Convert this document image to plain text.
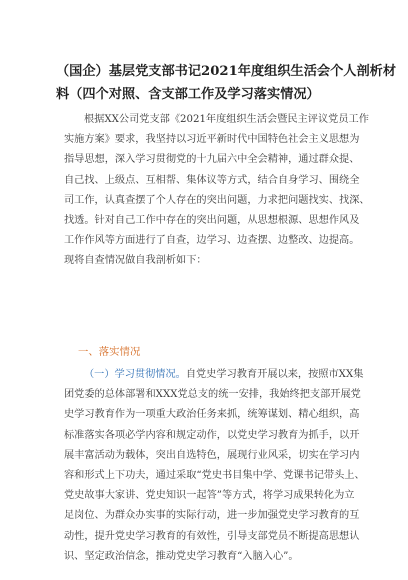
（国企）基层党支部书记2021年度组织生活会个人剖析材
料（四个对照、含支部工作及学习落实情况）
根据XX公司党支部《2021年度组织生活会暨民主评议党员工作
实施方案》要求，我坚持以习近平新时代中国特色社会主义思想为
指导思想，深入学习贯彻党的十九届六中全会精神，通过群众提、
自己找、上级点、互相帮、集体议等方式，结合自身学习、围绕全
司工作，认真查摆了个人存在的突出问题，力求把问题找实、找深、
找透。针对自己工作中存在的突出问题，从思想根源、思想作风及
工作作风等方面进行了自查，边学习、边查摆、边整改、边提高。
现将自查情况做自我剖析如下：
一、落实情况
（一）学习贯彻情况。自党史学习教育开展以来，按照市XX集
团党委的总体部署和XXX党总支的统一安排，我始终把支部开展党
史学习教育作为一项重大政治任务来抓，统筹谋划、精心组织，高
标准落实各项必学内容和规定动作，以党史学习教育为抓手，以开
展丰富活动为载体，突出自选特色，展现行业风采，切实在学习内
容和形式上下功夫，通过采取“党史书目集中学、党课书记带头上、
党史故事大家讲、党史知识一起答”等方式，将学习成果转化为立
足岗位、为群众办实事的实际行动，进一步加强党史学习教育的互
动性，提升党史学习教育的有效性，引导支部党员不断提高思想认
识、坚定政治信念，推动党史学习教育“入脑入心”。
